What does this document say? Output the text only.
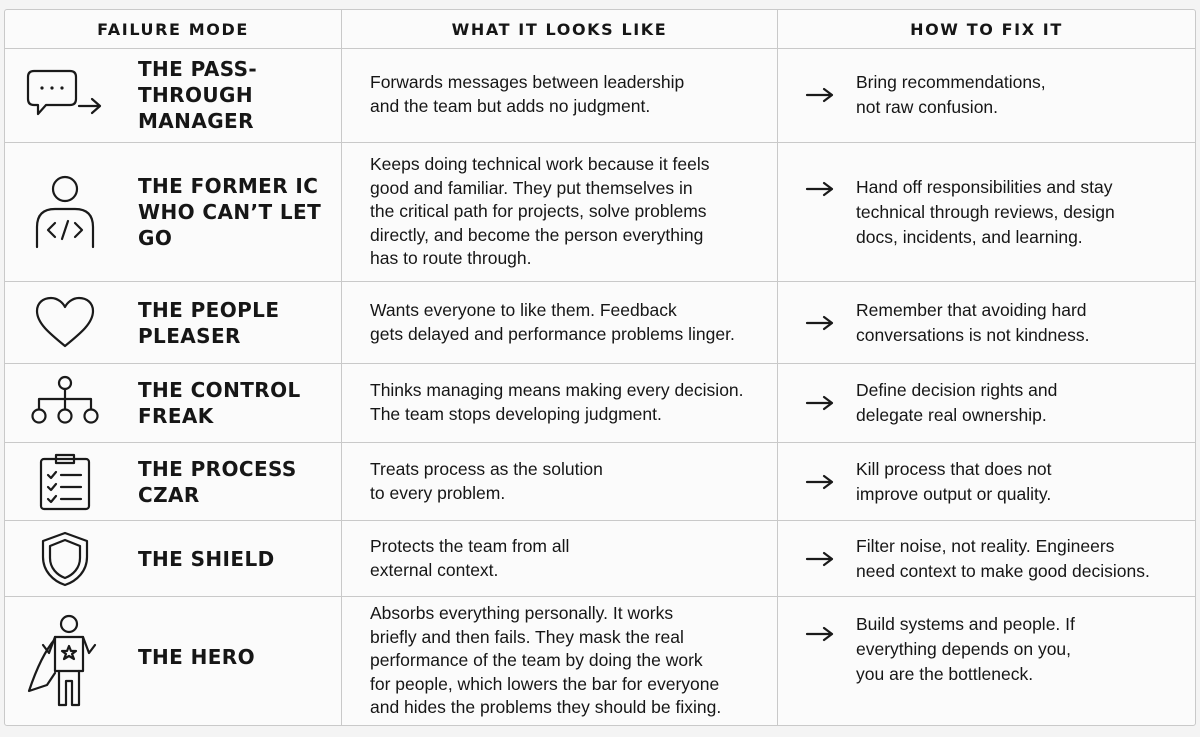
FAILURE MODE	WHAT IT LOOKS LIKE	HOW TO FIX IT
THE PASS-THROUGH
MANAGER
Forwards messages between leadership
and the team but adds no judgment.
Bring recommendations,
not raw confusion.
THE FORMER IC
WHO CAN’T LET GO
Keeps doing technical work because it feels
good and familiar. They put themselves in
the critical path for projects, solve problems
directly, and become the person everything
has to route through.
Hand off responsibilities and stay
technical through reviews, design
docs, incidents, and learning.
THE PEOPLE
PLEASER
Wants everyone to like them. Feedback
gets delayed and performance problems linger.
Remember that avoiding hard
conversations is not kindness.
THE CONTROL
FREAK
Thinks managing means making every decision.
The team stops developing judgment.
Define decision rights and
delegate real ownership.
THE PROCESS
CZAR
Treats process as the solution
to every problem.
Kill process that does not
improve output or quality.
THE SHIELD
Protects the team from all
external context.
Filter noise, not reality. Engineers
need context to make good decisions.
THE HERO
Absorbs everything personally. It works
briefly and then fails. They mask the real
performance of the team by doing the work
for people, which lowers the bar for everyone
and hides the problems they should be fixing.
Build systems and people. If
everything depends on you,
you are the bottleneck.
